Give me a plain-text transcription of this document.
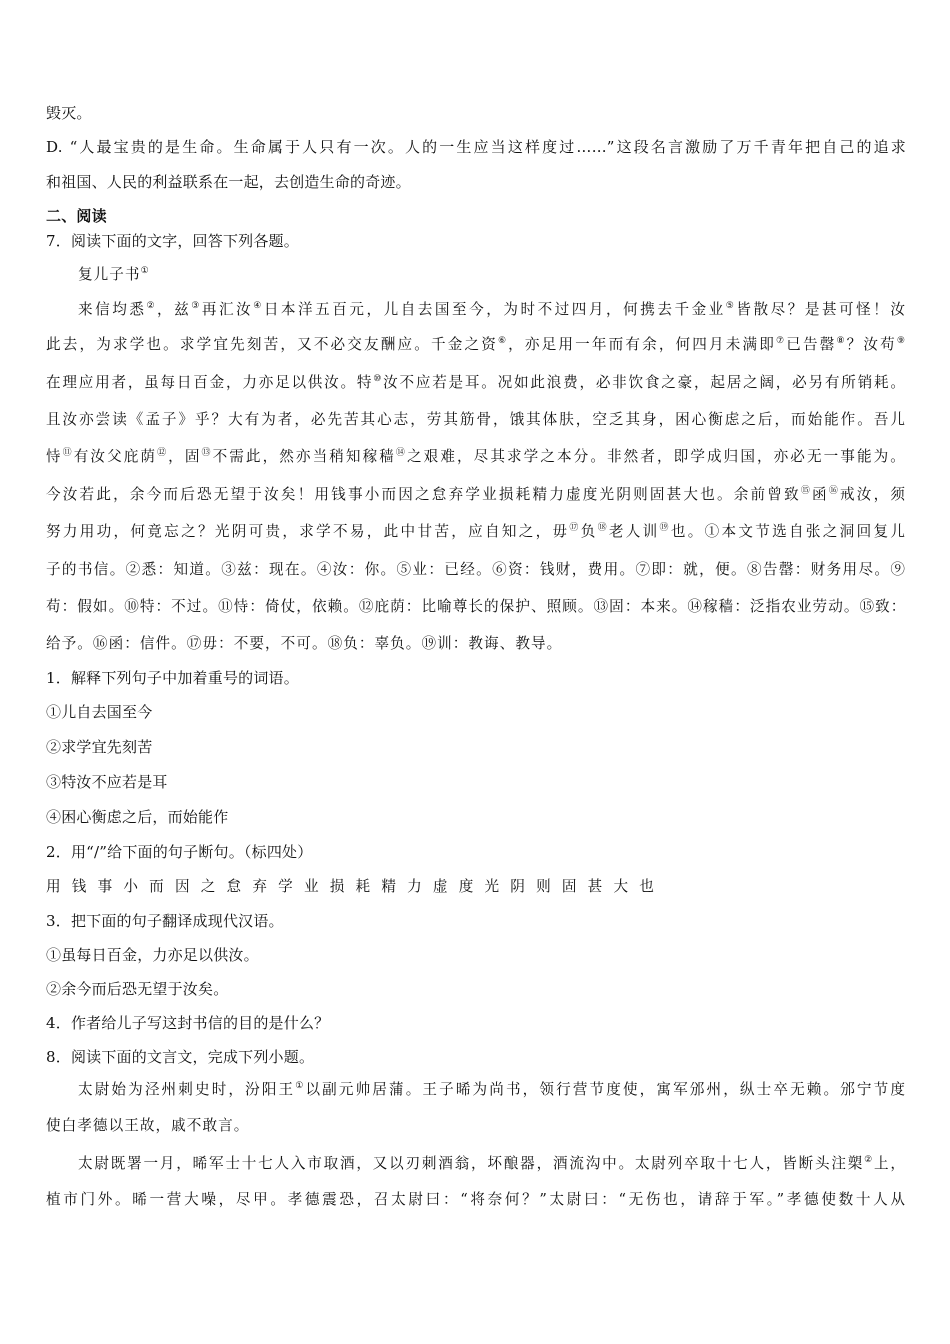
毁灭。
D. “人最宝贵的是生命。生命属于人只有一次。人的一生应当这样度过……”这段名言激励了万千青年把自己的追求
和祖国、人民的利益联系在一起，去创造生命的奇迹。
二、阅读
7．阅读下面的文字，回答下列各题。
复儿子书①
来信均悉②，兹③再汇汝④日本洋五百元，儿自去国至今，为时不过四月，何携去千金业⑤皆散尽？是甚可怪！汝
此去，为求学也。求学宜先刻苦，又不必交友酬应。千金之资⑥，亦足用一年而有余，何四月未满即⑦已告罄⑧？汝苟⑨
在理应用者，虽每日百金，力亦足以供汝。特⑩汝不应若是耳。况如此浪费，必非饮食之豪，起居之阔，必另有所销耗。
且汝亦尝读《孟子》乎？大有为者，必先苦其心志，劳其筋骨，饿其体肤，空乏其身，困心衡虑之后，而始能作。吾儿
恃⑪有汝父庇荫⑫，固⑬不需此，然亦当稍知稼穑⑭之艰难，尽其求学之本分。非然者，即学成归国，亦必无一事能为。
今汝若此，余今而后恐无望于汝矣！用钱事小而因之怠弃学业损耗精力虚度光阴则固甚大也。余前曾致⑮函⑯戒汝，须
努力用功，何竟忘之？光阴可贵，求学不易，此中甘苦，应自知之，毋⑰负⑱老人训⑲也。①本文节选自张之洞回复儿
子的书信。②悉：知道。③兹：现在。④汝：你。⑤业：已经。⑥资：钱财，费用。⑦即：就，便。⑧告罄：财务用尽。⑨
苟：假如。⑩特：不过。⑪恃：倚仗，依赖。⑫庇荫：比喻尊长的保护、照顾。⑬固：本来。⑭稼穑：泛指农业劳动。⑮致：
给予。⑯函：信件。⑰毋：不要，不可。⑱负：辜负。⑲训：教诲、教导。
1．解释下列句子中加着重号的词语。
①儿自去国至今
②求学宜先刻苦
③特汝不应若是耳
④困心衡虑之后，而始能作
2．用“/”给下面的句子断句。（标四处）
用钱事小而因之怠弃学业损耗精力虚度光阴则固甚大也
3．把下面的句子翻译成现代汉语。
①虽每日百金，力亦足以供汝。
②余今而后恐无望于汝矣。
4．作者给儿子写这封书信的目的是什么？
8．阅读下面的文言文，完成下列小题。
太尉始为泾州刺史时，汾阳王①以副元帅居蒲。王子晞为尚书，领行营节度使，寓军邠州，纵士卒无赖。邠宁节度
使白孝德以王故，戚不敢言。
太尉既署一月，晞军士十七人入市取酒，又以刃刺酒翁，坏酿器，酒流沟中。太尉列卒取十七人，皆断头注槊②上，
植市门外。晞一营大噪，尽甲。孝德震恐，召太尉曰：“将奈何？”太尉曰：“无伤也，请辞于军。”孝德使数十人从
